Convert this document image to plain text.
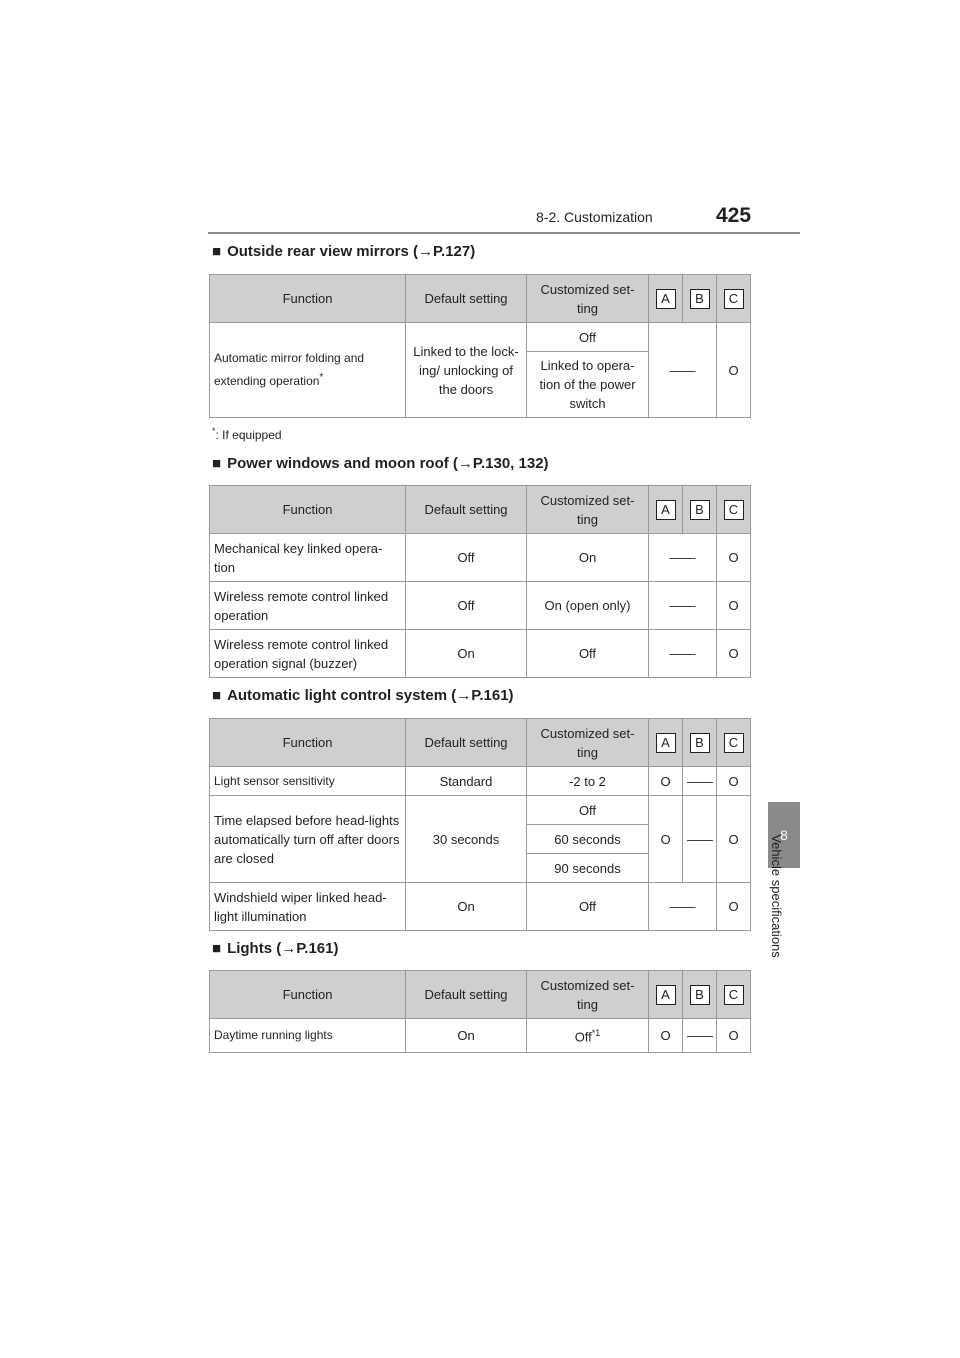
8-2. Customization	425
8
Vehicle specifications
■ Outside rear view mirrors (→P.127)
Function	Default setting	Customized set-
ting	A	B	C
Automatic mirror folding and extending operation*	Linked to the lock-ing/ unlocking of the doors	Off	——		O
		Linked to opera-tion of the power switch			
*: If equipped
■ Power windows and moon roof (→P.130, 132)
Function	Default setting	Customized set-
ting	A	B	C
Mechanical key linked opera-tion	Off	On	——		O
Wireless remote control linked operation	Off	On (open only)	——		O
Wireless remote control linked operation signal (buzzer)	On	Off	——		O
■ Automatic light control system (→P.161)
Function	Default setting	Customized set-
ting	A	B	C
Light sensor sensitivity	Standard	-2 to 2	O	——	O
Time elapsed before head-lights automatically turn off after doors are closed	30 seconds	Off	O	——	O
		60 seconds			
		90 seconds			
Windshield wiper linked head-light illumination	On	Off	——		O
■ Lights (→P.161)
Function	Default setting	Customized set-
ting	A	B	C
Daytime running lights	On	Off$^{*1}$	O	——	O
